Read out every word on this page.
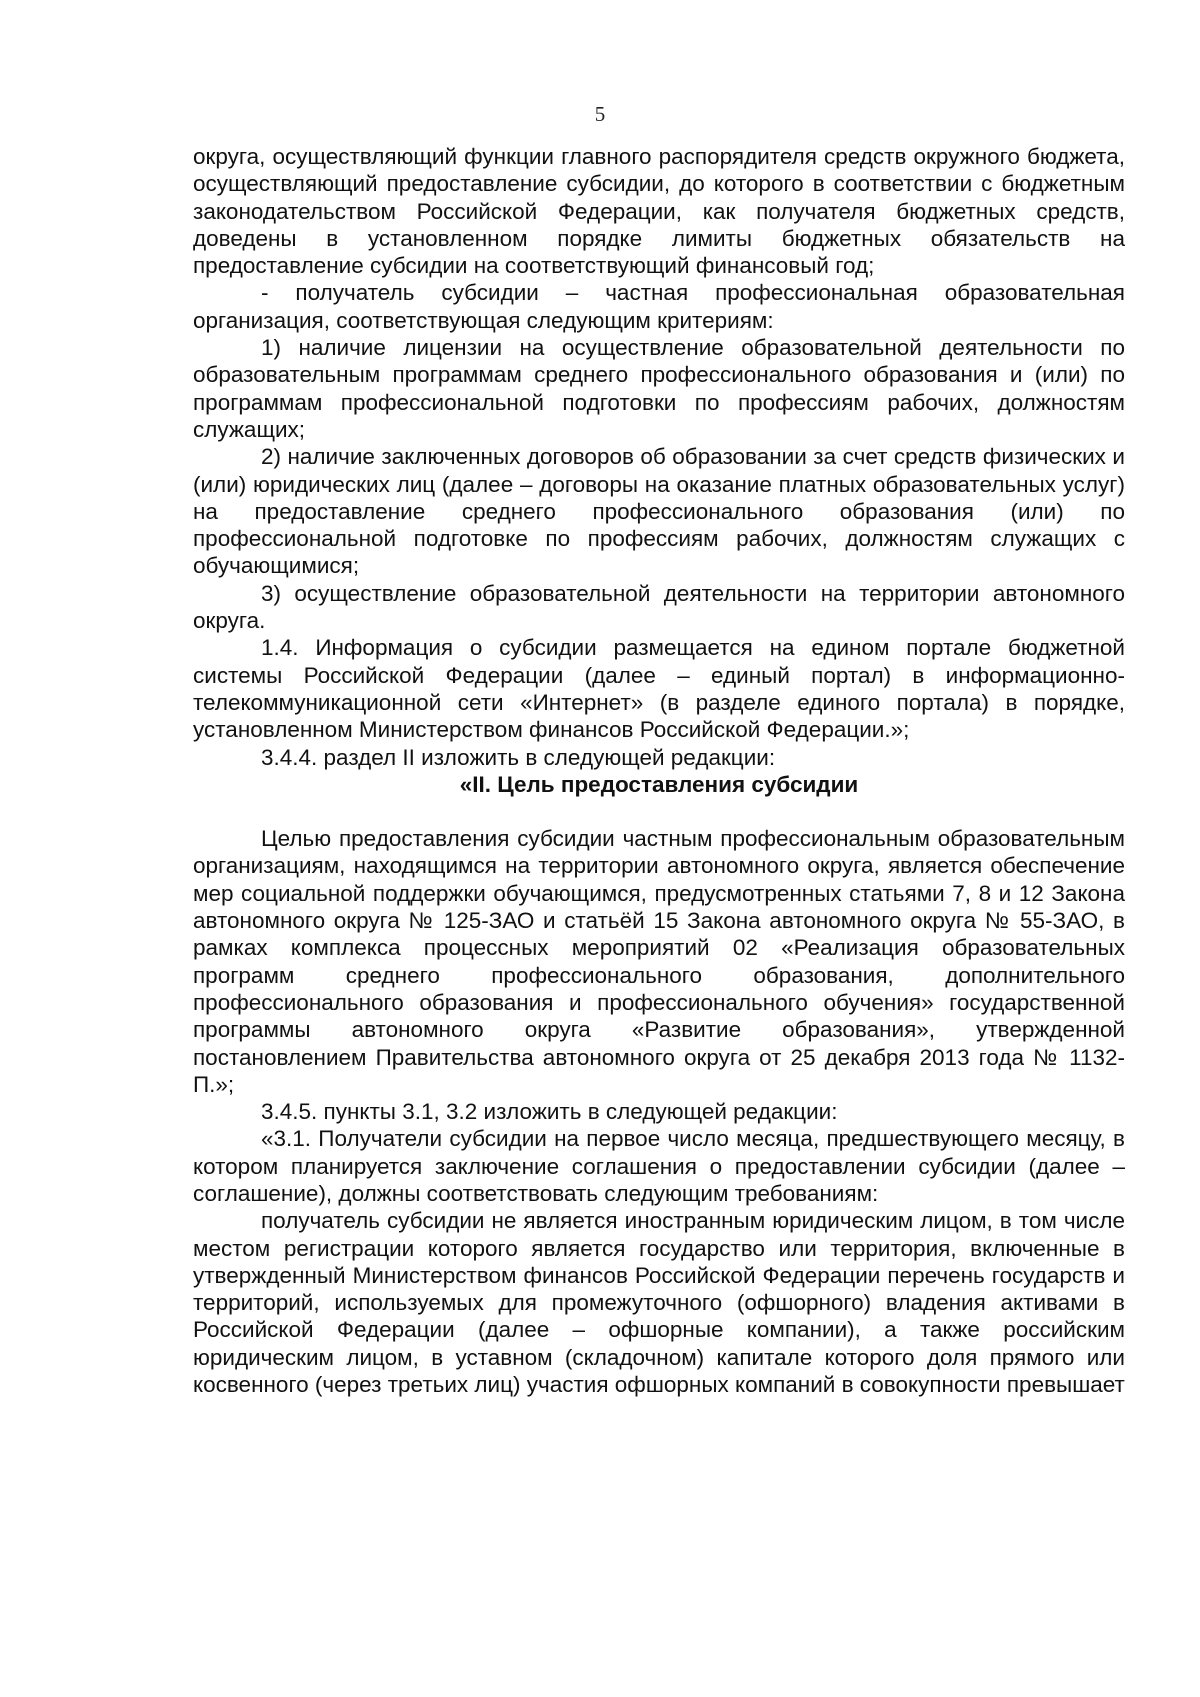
5

округа, осуществляющий функции главного распорядителя средств окружного бюджета, осуществляющий предоставление субсидии, до которого в соответствии с бюджетным законодательством Российской Федерации, как получателя бюджетных средств, доведены в установленном порядке лимиты бюджетных обязательств на предоставление субсидии на соответствующий финансовый год;

- получатель субсидии – частная профессиональная образовательная организация, соответствующая следующим критериям:

1) наличие лицензии на осуществление образовательной деятельности по образовательным программам среднего профессионального образования и (или) по программам профессиональной подготовки по профессиям рабочих, должностям служащих;

2) наличие заключенных договоров об образовании за счет средств физических и (или) юридических лиц (далее – договоры на оказание платных образовательных услуг) на предоставление среднего профессионального образования (или) по профессиональной подготовке по профессиям рабочих, должностям служащих с обучающимися;

3) осуществление образовательной деятельности на территории автономного округа.

1.4. Информация о субсидии размещается на едином портале бюджетной системы Российской Федерации (далее – единый портал) в информационно-телекоммуникационной сети «Интернет» (в разделе единого портала) в порядке, установленном Министерством финансов Российской Федерации.»;

3.4.4. раздел II изложить в следующей редакции:

«II. Цель предоставления субсидии

Целью предоставления субсидии частным профессиональным образовательным организациям, находящимся на территории автономного округа, является обеспечение мер социальной поддержки обучающимся, предусмотренных статьями 7, 8 и 12 Закона автономного округа № 125-ЗАО и статьёй 15 Закона автономного округа № 55-ЗАО, в рамках комплекса процессных мероприятий 02 «Реализация образовательных программ среднего профессионального образования, дополнительного профессионального образования и профессионального обучения» государственной программы автономного округа «Развитие образования», утвержденной постановлением Правительства автономного округа от 25 декабря 2013 года № 1132-П.»;

3.4.5. пункты 3.1, 3.2 изложить в следующей редакции:

«3.1. Получатели субсидии на первое число месяца, предшествующего месяцу, в котором планируется заключение соглашения о предоставлении субсидии (далее – соглашение), должны соответствовать следующим требованиям:

получатель субсидии не является иностранным юридическим лицом, в том числе местом регистрации которого является государство или территория, включенные в утвержденный Министерством финансов Российской Федерации перечень государств и территорий, используемых для промежуточного (офшорного) владения активами в Российской Федерации (далее – офшорные компании), а также российским юридическим лицом, в уставном (складочном) капитале которого доля прямого или косвенного (через третьих лиц) участия офшорных компаний в совокупности превышает
